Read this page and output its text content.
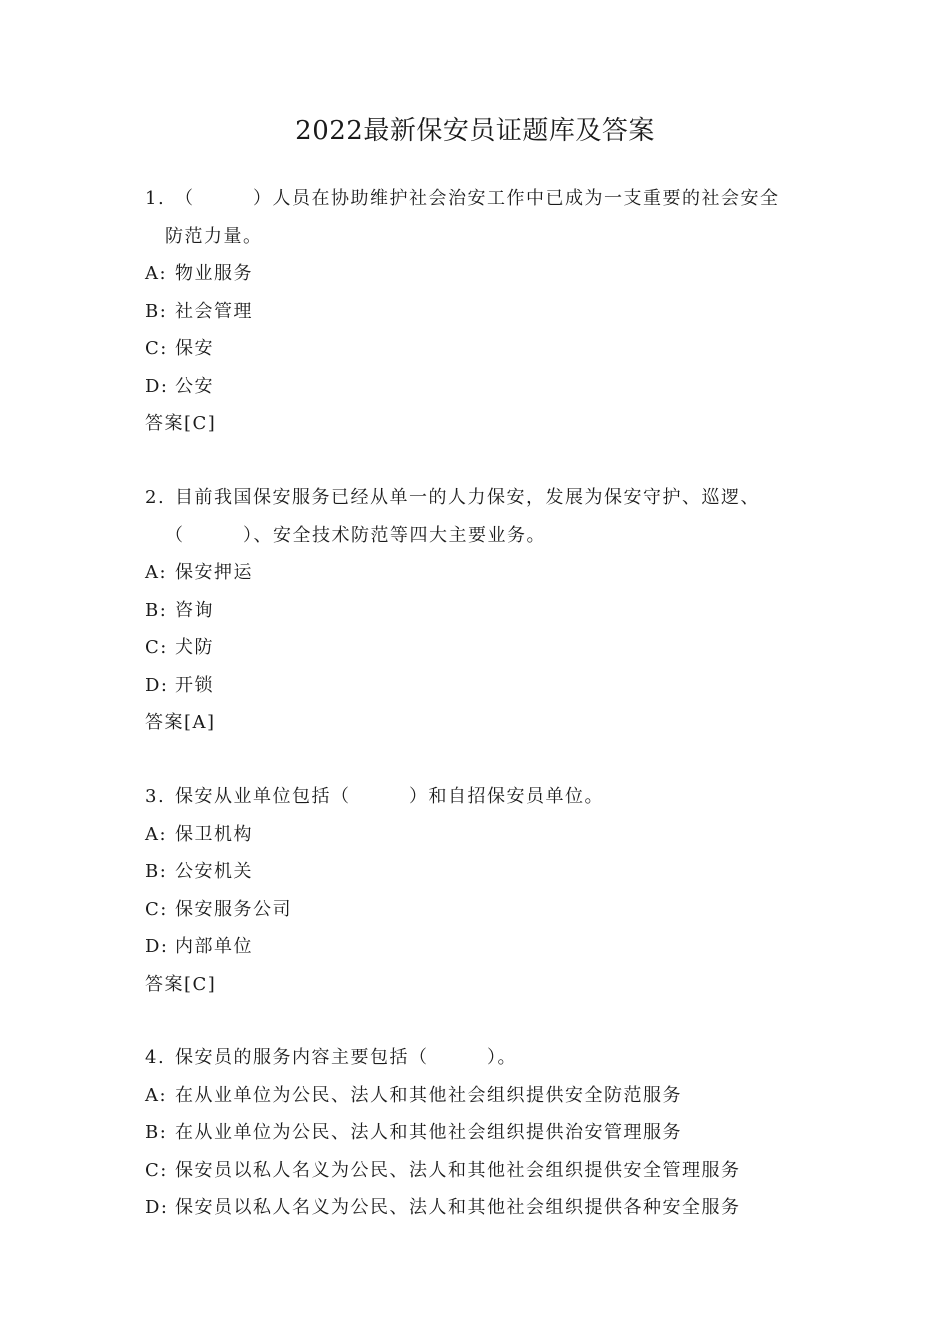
2022最新保安员证题库及答案
1. （　　　）人员在协助维护社会治安工作中已成为一支重要的社会安全
防范力量。
A: 物业服务
B: 社会管理
C: 保安
D: 公安
答案[C]
2. 目前我国保安服务已经从单一的人力保安，发展为保安守护、巡逻、
（　　　）、安全技术防范等四大主要业务。
A: 保安押运
B: 咨询
C: 犬防
D: 开锁
答案[A]
3. 保安从业单位包括（　　　）和自招保安员单位。
A: 保卫机构
B: 公安机关
C: 保安服务公司
D: 内部单位
答案[C]
4. 保安员的服务内容主要包括（　　　）。
A: 在从业单位为公民、法人和其他社会组织提供安全防范服务
B: 在从业单位为公民、法人和其他社会组织提供治安管理服务
C: 保安员以私人名义为公民、法人和其他社会组织提供安全管理服务
D: 保安员以私人名义为公民、法人和其他社会组织提供各种安全服务
